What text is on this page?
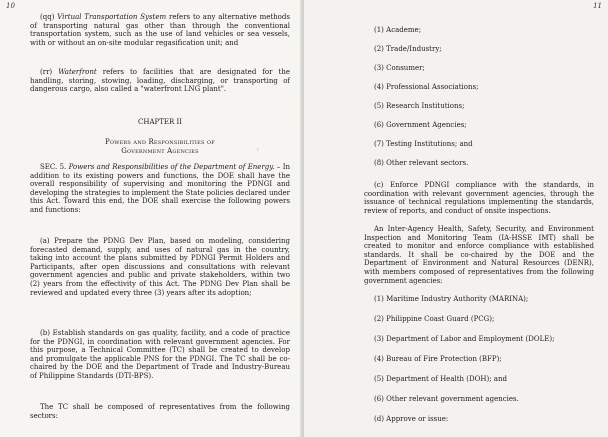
10

(qq) Virtual Transportation System refers to any alternative methods of transporting natural gas other than through the conventional transportation system, such as the use of land vehicles or sea vessels, with or without an on-site modular regasification unit; and

(rr) Waterfront refers to facilities that are designated for the handling, storing, stowing, loading, discharging, or transporting of dangerous cargo, also called a "waterfront LNG plant".

CHAPTER II
Powers and Responsibilities of
Government Agencies	›

SEC. 5. Powers and Responsibilities of the Department of Energy. – In addition to its existing powers and functions, the DOE shall have the overall responsibility of supervising and monitoring the PDNGI and developing the strategies to implement the State policies declared under this Act. Toward this end, the DOE shall exercise the following powers and functions:

(a) Prepare the PDNG Dev Plan, based on modeling, considering forecasted demand, supply, and uses of natural gas in the country, taking into account the plans submitted by PDNGI Permit Holders and Participants, after open discussions and consultations with relevant government agencies and public and private stakeholders, within two (2) years from the effectivity of this Act. The PDNG Dev Plan shall be reviewed and updated every three (3) years after its adoption;

(b) Establish standards on gas quality, facility, and a code of practice for the PDNGI, in coordination with relevant government agencies. For this purpose, a Technical Committee (TC) shall be created to develop and promulgate the applicable PNS for the PDNGI. The TC shall be co-chaired by the DOE and the Department of Trade and Industry-Bureau of Philippine Standards (DTI-BPS).

The TC shall be composed of representatives from the following sectors:

11
(1) Academe;
(2) Trade/Industry;
(3) Consumer;
(4) Professional Associations;
(5) Research Institutions;
(6) Government Agencies;
(7) Testing Institutions; and
(8) Other relevant sectors.

(c) Enforce PDNGI compliance with the standards, in coordination with relevant government agencies, through the issuance of technical regulations implementing the standards, review of reports, and conduct of onsite inspections.

An Inter-Agency Health, Safety, Security, and Environment Inspection and Monitoring Team (IA-HSSE IMT) shall be created to monitor and enforce compliance with established standards. It shall be co-chaired by the DOE and the Department of Environment and Natural Resources (DENR), with members composed of representatives from the following government agencies:

(1) Maritime Industry Authority (MARINA);
(2) Philippine Coast Guard (PCG);
(3) Department of Labor and Employment (DOLE);
(4) Bureau of Fire Protection (BFP);
(5) Department of Health (DOH); and
(6) Other relevant government agencies.
(d) Approve or issue:
